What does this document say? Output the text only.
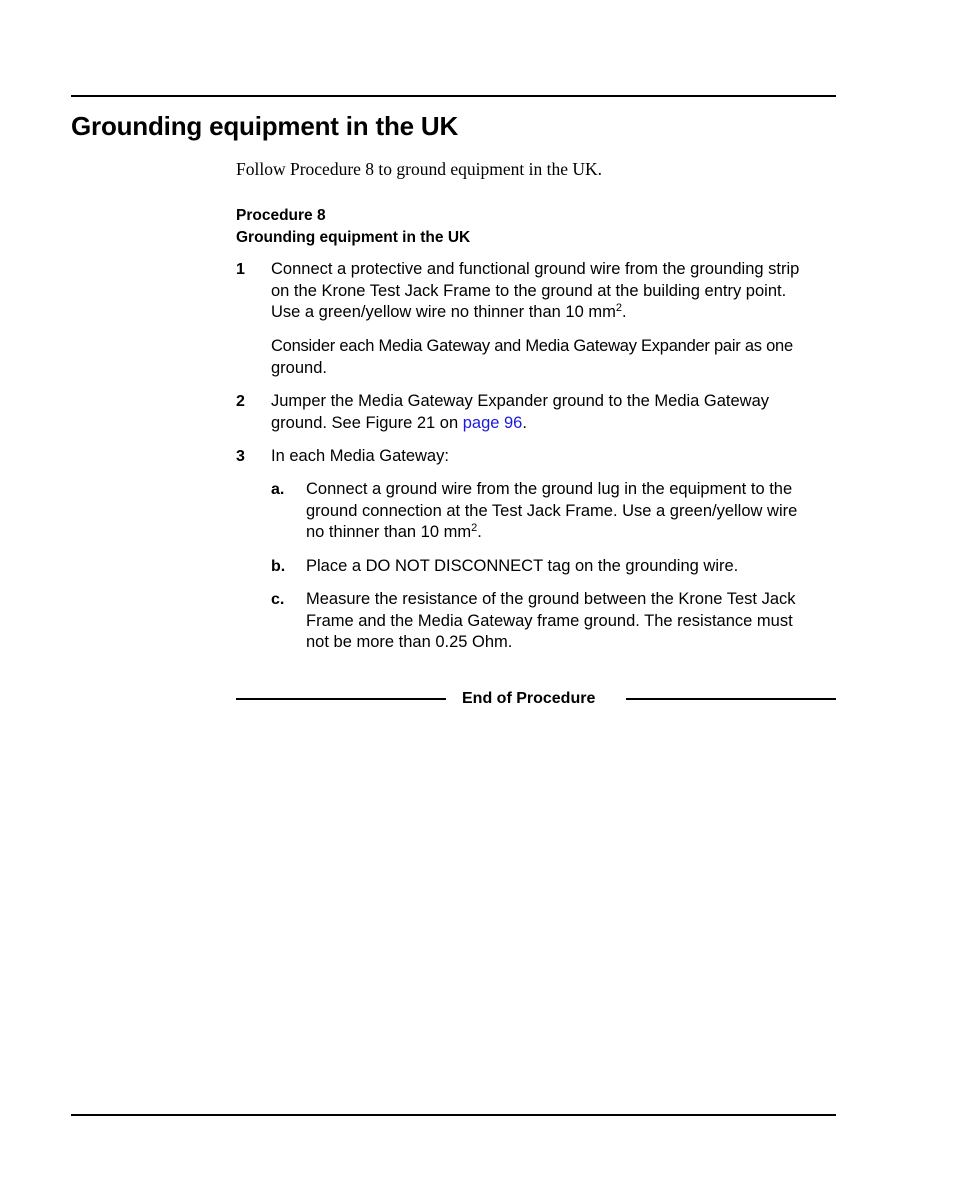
Grounding equipment in the UK
Follow Procedure 8 to ground equipment in the UK.
Procedure 8
Grounding equipment in the UK
1 Connect a protective and functional ground wire from the grounding strip
on the Krone Test Jack Frame to the ground at the building entry point.
Use a green/yellow wire no thinner than 10 $mm^2$.
Consider each Media Gateway and Media Gateway Expander pair as one
ground.
2 Jumper the Media Gateway Expander ground to the Media Gateway
ground. See Figure 21 on page 96.
3 In each Media Gateway:
a. Connect a ground wire from the ground lug in the equipment to the
ground connection at the Test Jack Frame. Use a green/yellow wire
no thinner than 10 $mm^2$.
b. Place a DO NOT DISCONNECT tag on the grounding wire.
c. Measure the resistance of the ground between the Krone Test Jack
Frame and the Media Gateway frame ground. The resistance must
not be more than 0.25 Ohm.
End of Procedure
